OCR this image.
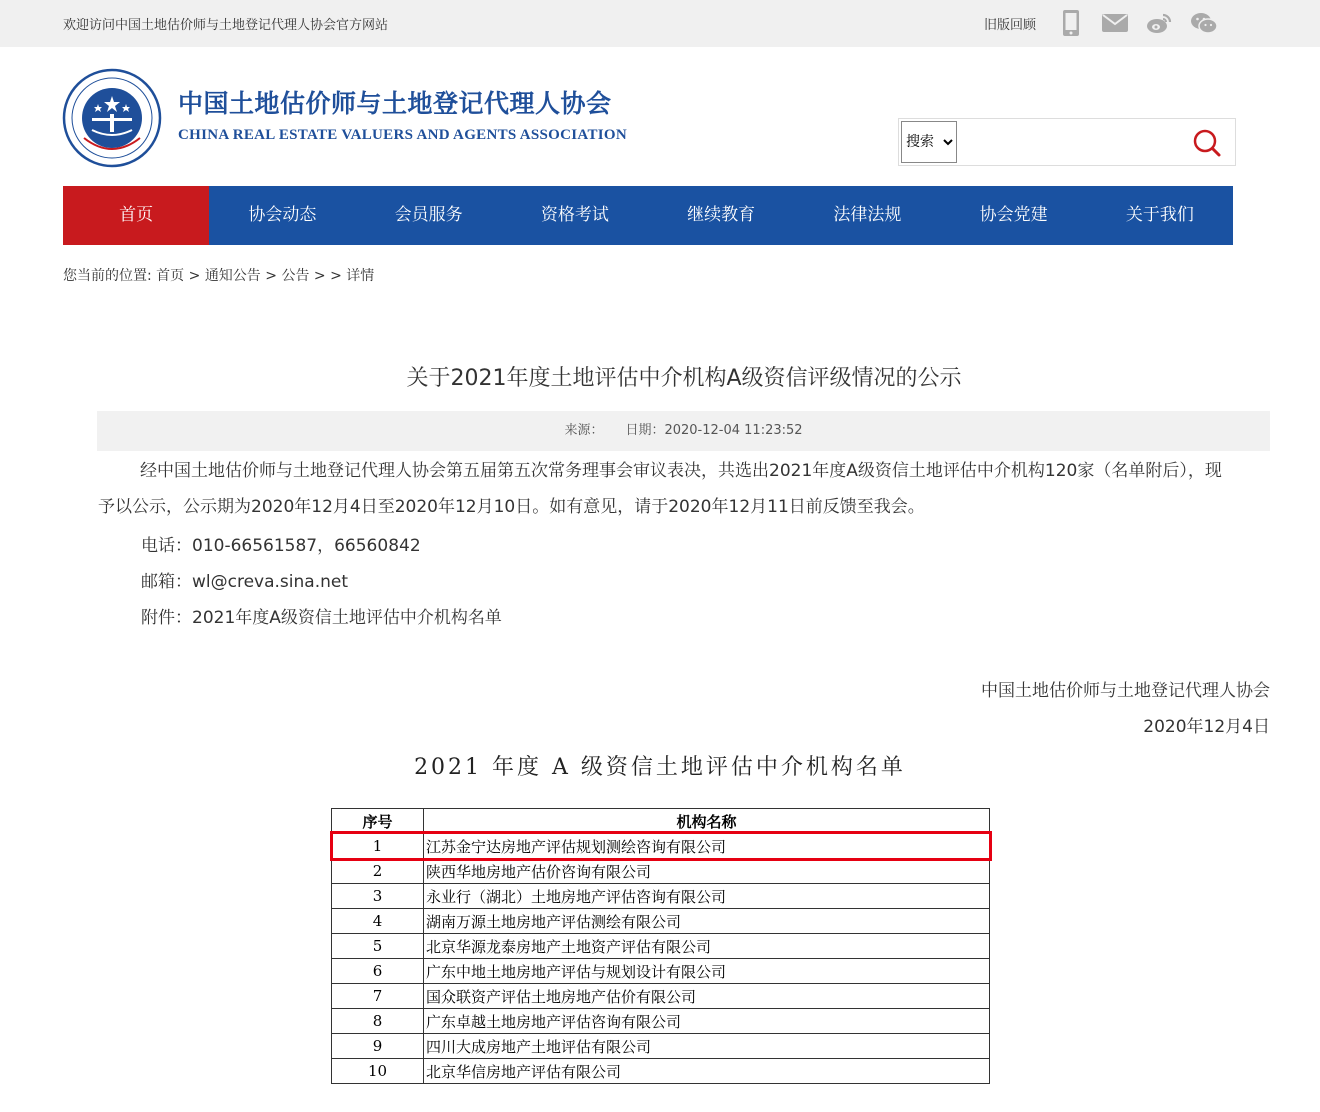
欢迎访问中国土地估价师与土地登记代理人协会官方网站	旧版回顾
中国土地估价师与土地登记代理人协会
CHINA REAL ESTATE VALUERS AND AGENTS ASSOCIATION
搜索
首页	协会动态	会员服务	资格考试	继续教育	法律法规	协会党建	关于我们
您当前的位置: 首页 > 通知公告 > 公告 > > 详情
关于2021年度土地评估中介机构A级资信评级情况的公示
来源： 日期：2020-12-04 11:23:52
经中国土地估价师与土地登记代理人协会第五届第五次常务理事会审议表决，共选出2021年度A级资信土地评估中介机构120家（名单附后），现予以公示，公示期为2020年12月4日至2020年12月10日。如有意见，请于2020年12月11日前反馈至我会。
电话：010-66561587，66560842
邮箱：wl@creva.sina.net
附件：2021年度A级资信土地评估中介机构名单
中国土地估价师与土地登记代理人协会
2020年12月4日
2021 年度 A 级资信土地评估中介机构名单
序号	机构名称
1	江苏金宁达房地产评估规划测绘咨询有限公司
2	陕西华地房地产估价咨询有限公司
3	永业行（湖北）土地房地产评估咨询有限公司
4	湖南万源土地房地产评估测绘有限公司
5	北京华源龙泰房地产土地资产评估有限公司
6	广东中地土地房地产评估与规划设计有限公司
7	国众联资产评估土地房地产估价有限公司
8	广东卓越土地房地产评估咨询有限公司
9	四川大成房地产土地评估有限公司
10	北京华信房地产评估有限公司
